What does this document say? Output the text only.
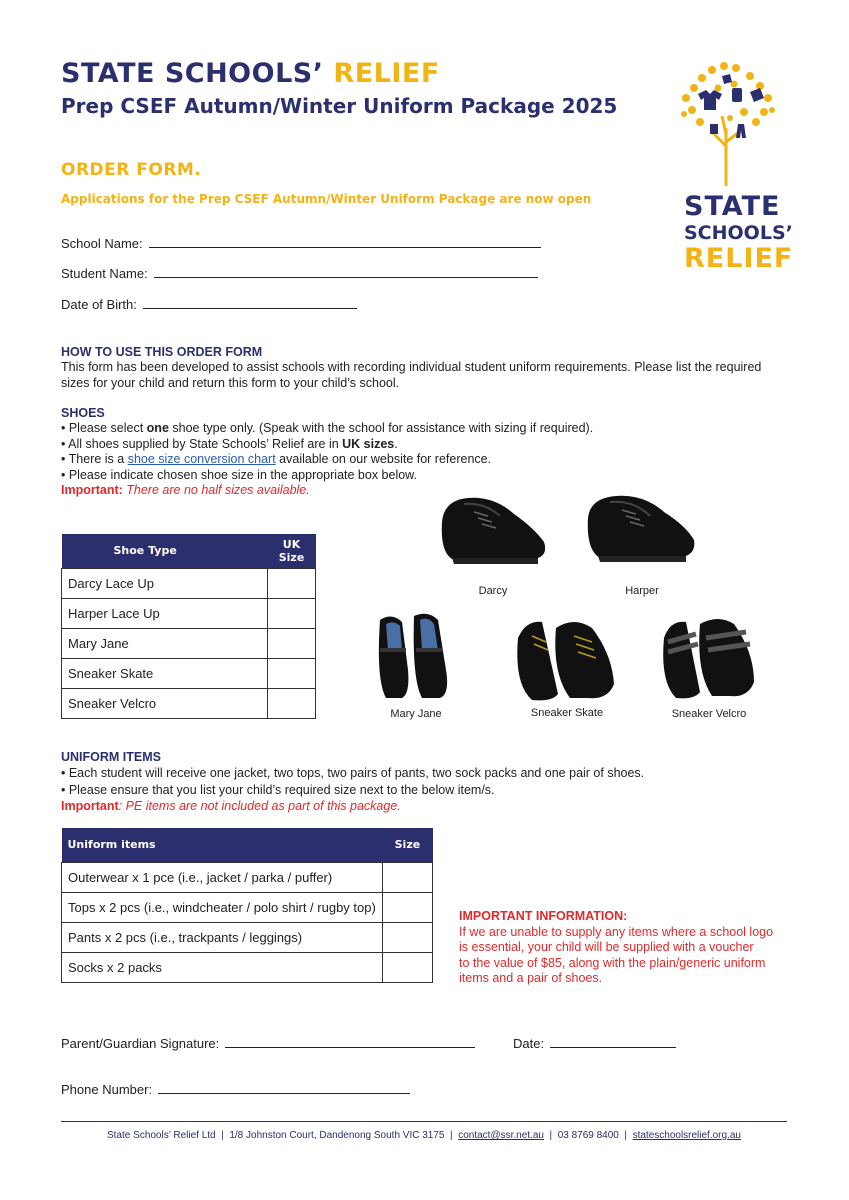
STATE SCHOOLS’ RELIEF
Prep CSEF Autumn/Winter Uniform Package 2025
STATE
SCHOOLS’
RELIEF
ORDER FORM.
Applications for the Prep CSEF Autumn/Winter Uniform Package are now open
School Name:
Student Name:
Date of Birth:
HOW TO USE THIS ORDER FORM
This form has been developed to assist schools with recording individual student uniform requirements. Please list the required
sizes for your child and return this form to your child’s school.
SHOES
• Please select one shoe type only. (Speak with the school for assistance with sizing if required).
• All shoes supplied by State Schools’ Relief are in UK sizes.
• There is a shoe size conversion chart available on our website for reference.
• Please indicate chosen shoe size in the appropriate box below.
Important: There are no half sizes available.
Shoe Type	UK Size
Darcy Lace Up	
Harper Lace Up	
Mary Jane	
Sneaker Skate	
Sneaker Velcro	
Darcy	Harper
Mary Jane	Sneaker Skate	Sneaker Velcro
UNIFORM ITEMS
• Each student will receive one jacket, two tops, two pairs of pants, two sock packs and one pair of shoes.
• Please ensure that you list your child’s required size next to the below item/s.
Important: PE items are not included as part of this package.
Uniform items	Size
Outerwear x 1 pce (i.e., jacket / parka / puffer)	
Tops x 2 pcs (i.e., windcheater / polo shirt / rugby top)	
Pants x 2 pcs (i.e., trackpants / leggings)	
Socks x 2 packs	
IMPORTANT INFORMATION:
If we are unable to supply any items where a school logo
is essential, your child will be supplied with a voucher
to the value of $85, along with the plain/generic uniform
items and a pair of shoes.
Parent/Guardian Signature:	Date:
Phone Number:
State Schools’ Relief Ltd  |  1/8 Johnston Court, Dandenong South VIC 3175  |  contact@ssr.net.au  |  03 8769 8400  |  stateschoolsrelief.org.au
